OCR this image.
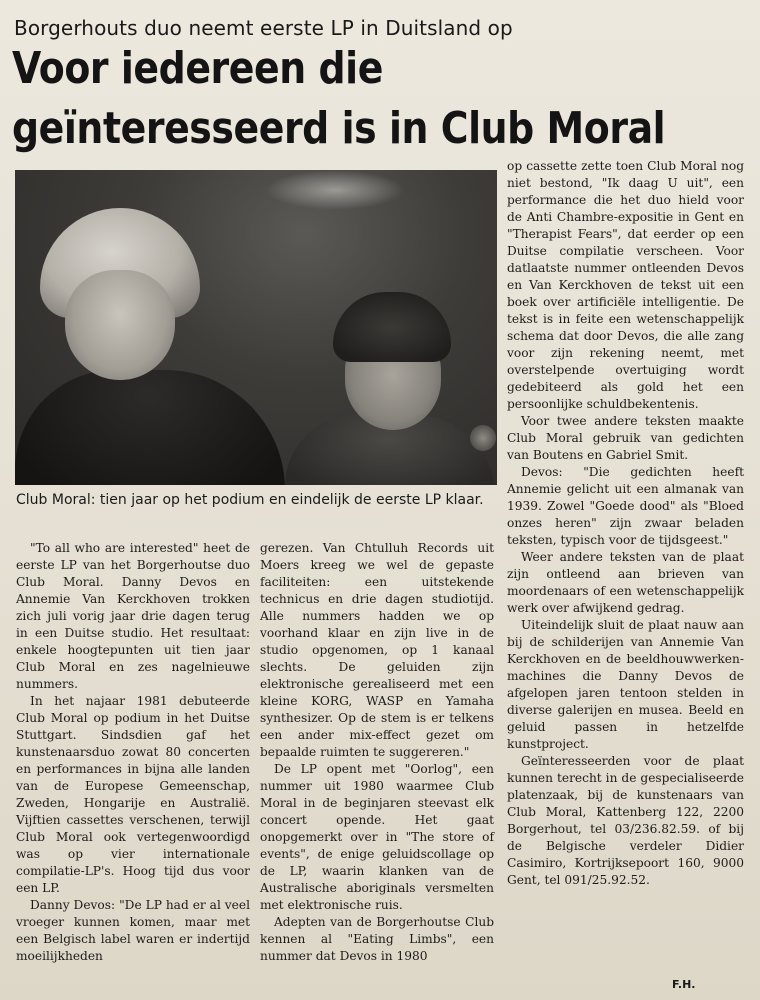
Borgerhouts duo neemt eerste LP in Duitsland op
Voor iedereen die
geïnteresseerd is in Club Moral
Club Moral: tien jaar op het podium en eindelijk de eerste LP klaar.

"To all who are interested" heet de eerste LP van het Borgerhoutse duo Club Moral. Danny Devos en Annemie Van Kerckhoven trokken zich juli vorig jaar drie dagen terug in een Duitse studio. Het resultaat: enkele hoogtepunten uit tien jaar Club Moral en zes nagelnieuwe nummers.

In het najaar 1981 debuteerde Club Moral op podium in het Duitse Stuttgart. Sindsdien gaf het kunstenaarsduo zowat 80 concerten en performances in bijna alle landen van de Europese Gemeenschap, Zweden, Hongarije en Australië. Vijftien cassettes verschenen, terwijl Club Moral ook vertegenwoordigd was op vier internationale compilatie-LP's. Hoog tijd dus voor een LP.

Danny Devos: "De LP had er al veel vroeger kunnen komen, maar met een Belgisch label waren er indertijd moeilijkheden

gerezen. Van Chtulluh Records uit Moers kreeg we wel de gepaste faciliteiten: een uitstekende technicus en drie dagen studiotijd. Alle nummers hadden we op voorhand klaar en zijn live in de studio opgenomen, op 1 kanaal slechts. De geluiden zijn elektronische gerealiseerd met een kleine KORG, WASP en Yamaha synthesizer. Op de stem is er telkens een ander mix-effect gezet om bepaalde ruimten te suggereren."

De LP opent met "Oorlog", een nummer uit 1980 waarmee Club Moral in de beginjaren steevast elk concert opende. Het gaat onopgemerkt over in "The store of events", de enige geluidscollage op de LP, waarin klanken van de Australische aboriginals versmelten met elektronische ruis.

Adepten van de Borgerhoutse Club kennen al "Eating Limbs", een nummer dat Devos in 1980

op cassette zette toen Club Moral nog niet bestond, "Ik daag U uit", een performance die het duo hield voor de Anti Chambre-expositie in Gent en "Therapist Fears", dat eerder op een Duitse compilatie verscheen. Voor datlaatste nummer ontleenden Devos en Van Kerckhoven de tekst uit een boek over artificiële intelligentie. De tekst is in feite een wetenschappelijk schema dat door Devos, die alle zang voor zijn rekening neemt, met overstelpende overtuiging wordt gedebiteerd als gold het een persoonlijke schuldbekentenis.

Voor twee andere teksten maakte Club Moral gebruik van gedichten van Boutens en Gabriel Smit.

Devos: "Die gedichten heeft Annemie gelicht uit een almanak van 1939. Zowel "Goede dood" als "Bloed onzes heren" zijn zwaar beladen teksten, typisch voor de tijdsgeest."

Weer andere teksten van de plaat zijn ontleend aan brieven van moordenaars of een wetenschappelijk werk over afwijkend gedrag.

Uiteindelijk sluit de plaat nauw aan bij de schilderijen van Annemie Van Kerckhoven en de beeldhouwwerken-machines die Danny Devos de afgelopen jaren tentoon stelden in diverse galerijen en musea. Beeld en geluid passen in hetzelfde kunstproject.

Geïnteresseerden voor de plaat kunnen terecht in de gespecialiseerde platenzaak, bij de kunstenaars van Club Moral, Kattenberg 122, 2200 Borgerhout, tel 03/236.82.59. of bij de Belgische verdeler Didier Casimiro, Kortrijksepoort 160, 9000 Gent, tel 091/25.92.52.

F.H.
